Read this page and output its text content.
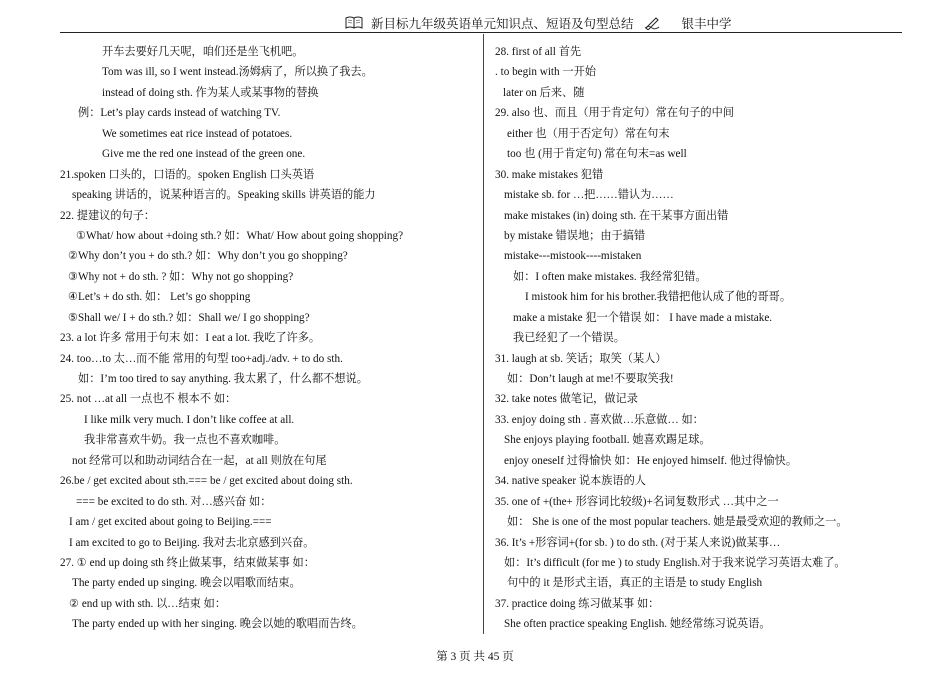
新目标九年级英语单元知识点、短语及句型总结	银丰中学
开车去要好几天呢，咱们还是坐飞机吧。
Tom was ill, so I went instead.汤姆病了，所以换了我去。
instead of doing sth. 作为某人或某事物的替换
例：Let’s play cards instead of watching TV.
We sometimes eat rice instead of potatoes.
Give me the red one instead of the green one.
21.spoken 口头的，口语的。spoken English 口头英语
speaking 讲话的，说某种语言的。Speaking skills 讲英语的能力
22. 提建议的句子：
①What/ how about +doing sth.? 如：What/ How about going shopping?
②Why don’t you + do sth.? 如：Why don’t you go shopping?
③Why not + do sth. ? 如：Why not go shopping?
④Let’s + do sth. 如： Let’s go shopping
⑤Shall we/ I + do sth.? 如：Shall we/ I go shopping?
23. a lot 许多 常用于句末 如：I eat a lot. 我吃了许多。
24. too…to 太…而不能 常用的句型 too+adj./adv. + to do sth.
如：I’m too tired to say anything. 我太累了，什么都不想说。
25. not …at all 一点也不 根本不 如：
I like milk very much. I don’t like coffee at all.
我非常喜欢牛奶。我一点也不喜欢咖啡。
not 经常可以和助动词结合在一起，at all 则放在句尾
26.be / get excited about sth.=== be / get excited about doing sth.
=== be excited to do sth. 对…感兴奋 如：
I am / get excited about going to Beijing.===
I am excited to go to Beijing. 我对去北京感到兴奋。
27. ① end up doing sth 终止做某事，结束做某事 如：
The party ended up singing. 晚会以唱歌而结束。
② end up with sth. 以…结束 如：
The party ended up with her singing. 晚会以她的歌唱而告终。
28. first of all 首先
. to begin with 一开始
later on 后来、随
29. also 也、而且（用于肯定句）常在句子的中间
either 也（用于否定句）常在句末
too 也 (用于肯定句) 常在句末=as well
30. make mistakes 犯错
mistake sb. for …把……错认为……
make mistakes (in) doing sth. 在干某事方面出错
by mistake 错误地；由于搞错
mistake---mistook----mistaken
如：I often make mistakes. 我经常犯错。
I mistook him for his brother.我错把他认成了他的哥哥。
make a mistake 犯一个错误 如： I have made a mistake.
我已经犯了一个错误。
31. laugh at sb. 笑话；取笑（某人）
如：Don’t laugh at me!不要取笑我!
32. take notes 做笔记，做记录
33. enjoy doing sth . 喜欢做…乐意做… 如：
She enjoys playing football. 她喜欢踢足球。
enjoy oneself 过得愉快 如：He enjoyed himself. 他过得愉快。
34. native speaker 说本族语的人
35. one of +(the+ 形容词比较级)+名词复数形式 …其中之一
如： She is one of the most popular teachers. 她是最受欢迎的教师之一。
36. It’s +形容词+(for sb. ) to do sth. (对于某人来说)做某事…
如：It’s difficult (for me ) to study English.对于我来说学习英语太难了。
句中的 it 是形式主语，真正的主语是 to study English
37. practice doing 练习做某事 如：
She often practice speaking English. 她经常练习说英语。
第 3 页 共 45 页
